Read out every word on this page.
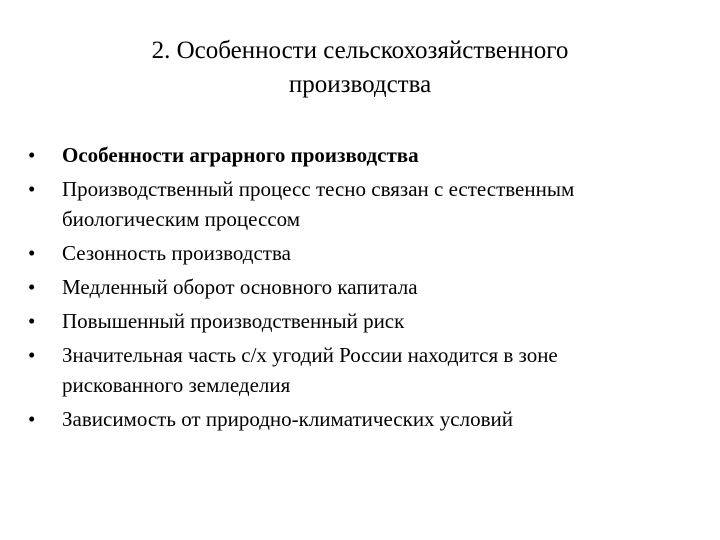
2. Особенности сельскохозяйственного
производства
•	Особенности аграрного производства
•	Производственный процесс тесно связан с естественным
биологическим процессом
•	Сезонность производства
•	Медленный оборот основного капитала
•	Повышенный производственный риск
•	Значительная часть с/х угодий России находится в зоне
рискованного земледелия
•	Зависимость от природно-климатических условий
